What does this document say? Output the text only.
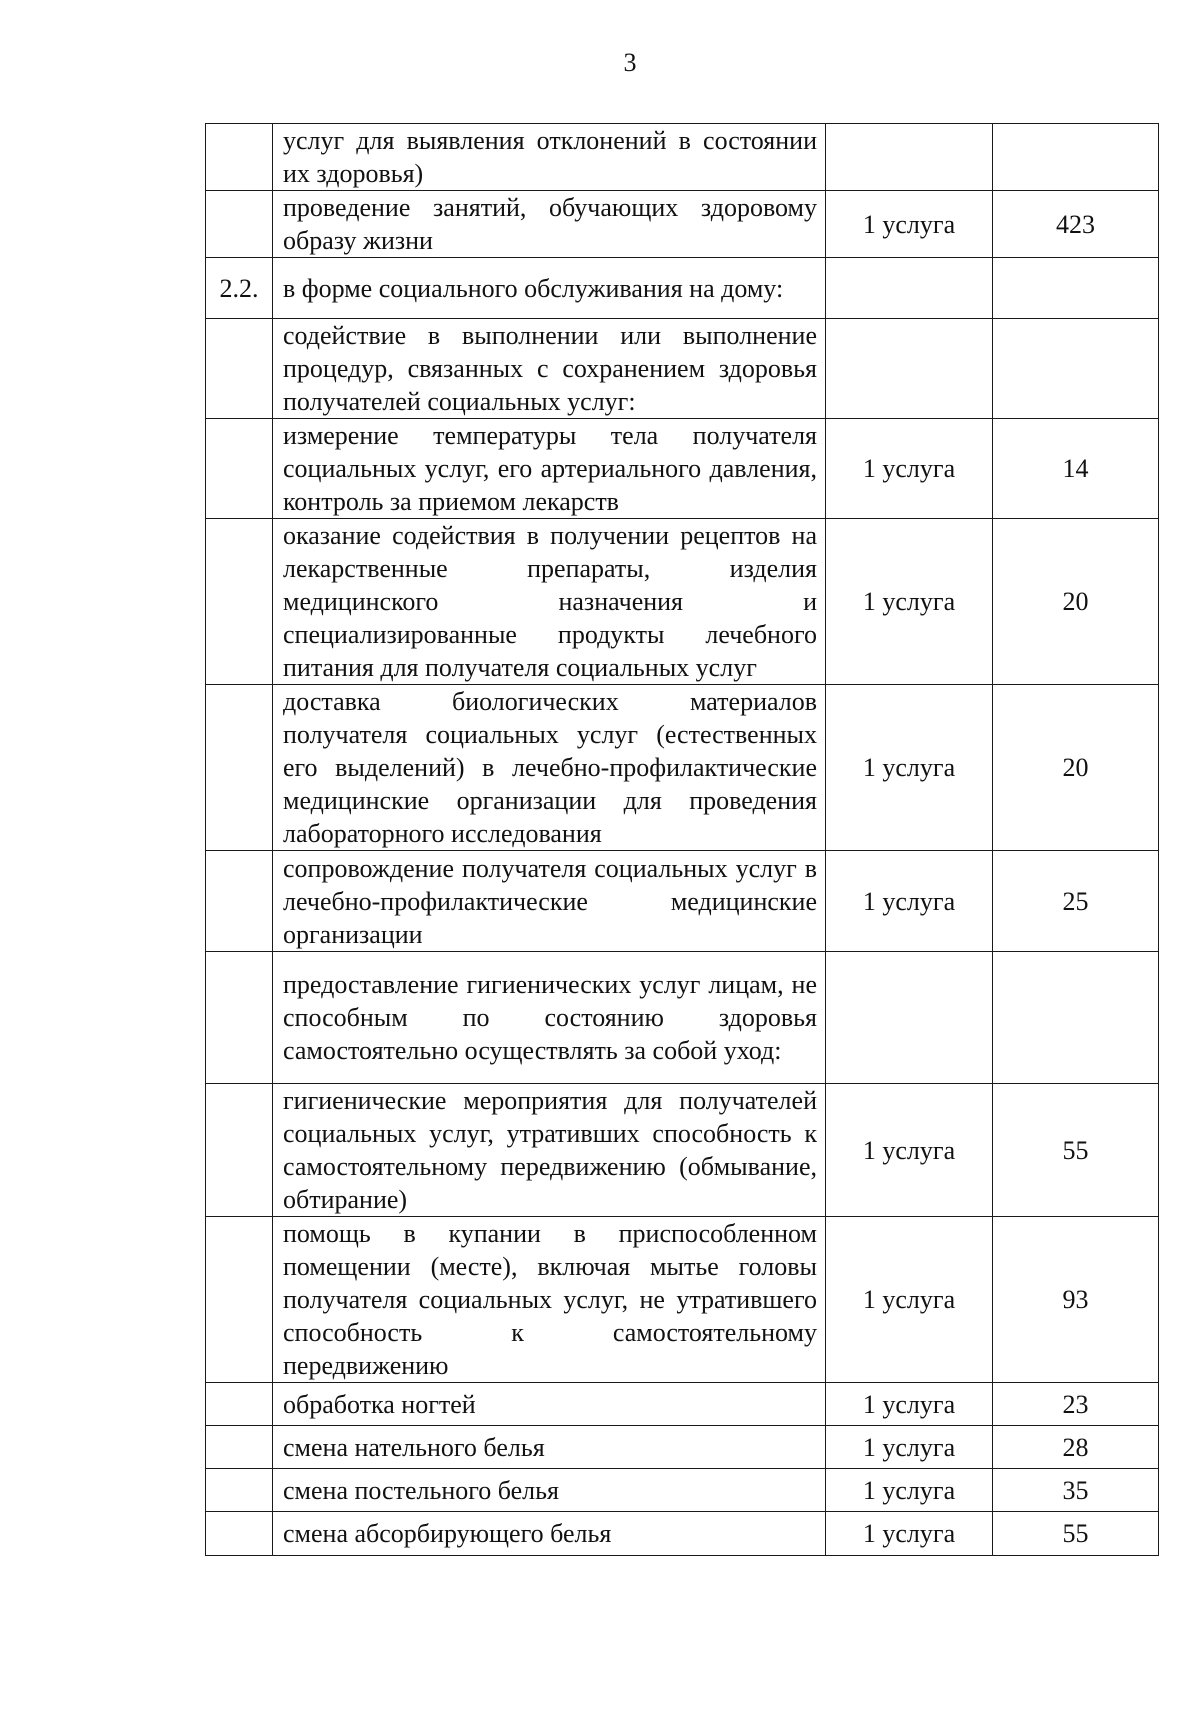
3
	услуг для выявления отклонений в состоянии их здоровья)		
	проведение занятий, обучающих здоровому образу жизни	1 услуга	423
2.2.	в форме социального обслуживания на дому:		
	содействие в выполнении или выполнение процедур, связанных с сохранением здоровья получателей социальных услуг:		
	измерение температуры тела получателя социальных услуг, его артериального давления, контроль за приемом лекарств	1 услуга	14
	оказание содействия в получении рецептов на лекарственные препараты, изделия медицинского назначения и специализированные продукты лечебного питания для получателя социальных услуг	1 услуга	20
	доставка биологических материалов получателя социальных услуг (естественных его выделений) в лечебно-профилактические медицинские организации для проведения лабораторного исследования	1 услуга	20
	сопровождение получателя социальных услуг в лечебно-профилактические медицинские организации	1 услуга	25
	предоставление гигиенических услуг лицам, не способным по состоянию здоровья самостоятельно осуществлять за собой уход:		
	гигиенические мероприятия для получателей социальных услуг, утративших способность к самостоятельному передвижению (обмывание, обтирание)	1 услуга	55
	помощь в купании в приспособленном помещении (месте), включая мытье головы получателя социальных услуг, не утратившего способность к самостоятельному передвижению	1 услуга	93
	обработка ногтей	1 услуга	23
	смена нательного белья	1 услуга	28
	смена постельного белья	1 услуга	35
	смена абсорбирующего белья	1 услуга	55
